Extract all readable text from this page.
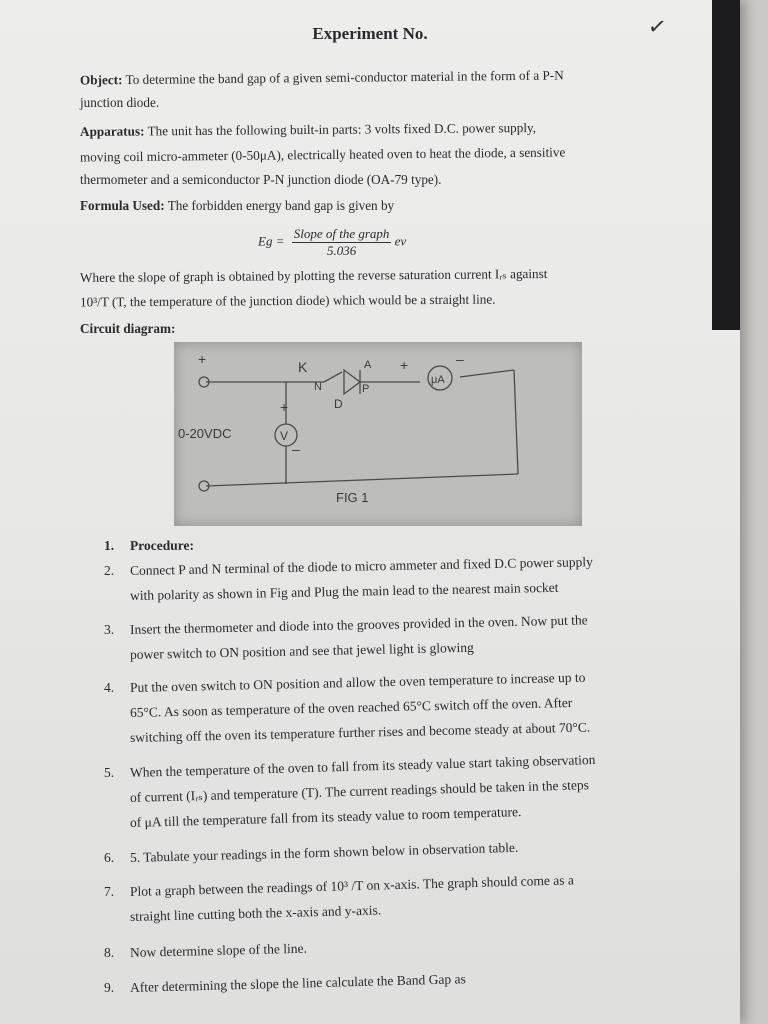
✓
Experiment No.
Object: To determine the band gap of a given semi-conductor material in the form of a P-N
junction diode.
Apparatus: The unit has the following built-in parts: 3 volts fixed D.C. power supply,
moving coil micro-ammeter (0-50μA), electrically heated oven to heat the diode, a sensitive
thermometer and a semiconductor P-N junction diode (OA-79 type).
Formula Used: The forbidden energy band gap is given by
$Eg = \frac{\text{Slope of the graph}}{5.036}$ ev
Where the slope of graph is obtained by plotting the reverse saturation current Iᵣₛ against
10³/T (T, the temperature of the junction diode) which would be a straight line.
Circuit diagram:
+
+
+	–
–
0-20VDC	V
μA
K
N	P
D
A
FIG 1
1. Procedure:
2. Connect P and N terminal of the diode to micro ammeter and fixed D.C power supply
with polarity as shown in Fig and Plug the main lead to the nearest main socket
3. Insert the thermometer and diode into the grooves provided in the oven. Now put the
power switch to ON position and see that jewel light is glowing
4. Put the oven switch to ON position and allow the oven temperature to increase up to
65°C. As soon as temperature of the oven reached 65°C switch off the oven. After
switching off the oven its temperature further rises and become steady at about 70°C.
5. When the temperature of the oven to fall from its steady value start taking observation
of current (Iᵣₛ) and temperature (T). The current readings should be taken in the steps
of μA till the temperature fall from its steady value to room temperature.
6. 5. Tabulate your readings in the form shown below in observation table.
7. Plot a graph between the readings of 10³ /T on x-axis. The graph should come as a
straight line cutting both the x-axis and y-axis.
8. Now determine slope of the line.
9. After determining the slope the line calculate the Band Gap as
